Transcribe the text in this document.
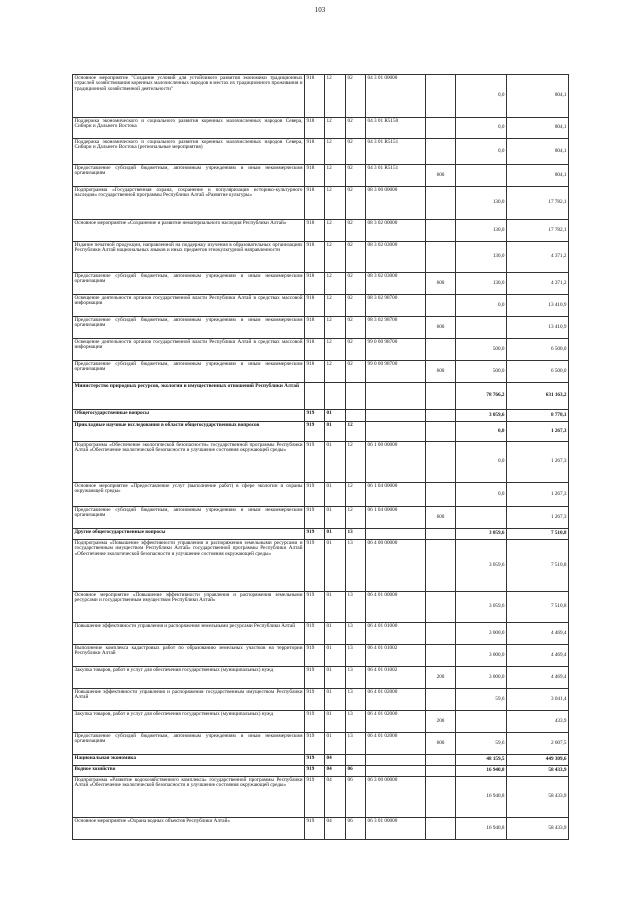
103
Основное мероприятие "Создание условий для устойчивого развития экономики традиционных отраслей хозяйствования коренных малочисленных народов в местах их традиционного проживания и традиционной хозяйственной деятельности"	918	12	02	04 3 01 00000		0,0	804,1
Поддержка экономического и социального развития коренных малочисленных народов Севера, Сибири и Дальнего Востока	918	12	02	04 3 01 R5150		0,0	804,1
Поддержка экономического и социального развития коренных малочисленных народов Севера, Сибири и Дальнего Востока (региональные мероприятия)	918	12	02	04 3 01 R5151		0,0	804,1
Предоставление субсидий бюджетным, автономным учреждениям и иным некоммерческим организациям	918	12	02	04 3 01 R5151	600		804,1
Подпрограмма «Государственная охрана, сохранение и популяризация историко-культурного наследия» государственной программы Республики Алтай «Развитие культуры»	918	12	02	08 3 00 00000		130,0	17 782,1
Основное мероприятие «Сохранение и развитие нематериального наследия Республики Алтай»	918	12	02	08 3 02 00000		130,0	17 782,1
Издание печатной продукции, направленной на поддержку изучения в образовательных организациях Республики Алтай национальных языков и иных предметов этнокультурной направленности	918	12	02	08 3 02 03000		130,0	4 371,2
Предоставление субсидий бюджетным, автономным учреждениям и иным некоммерческим организациям	918	12	02	08 3 02 03000	600	130,0	4 371,2
Освещение деятельности органов государственной власти Республики Алтай в средствах массовой информации	918	12	02	08 3 02 98700		0,0	13 410,9
Предоставление субсидий бюджетным, автономным учреждениям и иным некоммерческим организациям	918	12	02	08 3 02 98700	600		13 410,9
Освещение деятельности органов государственной власти Республики Алтай в средствах массовой информации	918	12	02	99 0 00 98700		500,0	6 500,0
Предоставление субсидий бюджетным, автономным учреждениям и иным некоммерческим организациям	918	12	02	99 0 00 98700	600	500,0	6 500,0
Министерство природных ресурсов, экологии и имущественных отношений Республики Алтай						78 766,2	631 163,2
Общегосударственные вопросы	919	01				3 059,6	8 778,1
Прикладные научные исследования в области общегосударственных вопросов	919	01	12			0,0	1 267,3
Подпрограмма «Обеспечение экологической безопасности» государственной программы Республики Алтай «Обеспечение экологической безопасности и улучшение состояния окружающей среды»	919	01	12	06 1 00 00000		0,0	1 267,3
Основное мероприятие «Предоставление услуг (выполнение работ) в сфере экологии и охраны окружающей среды»	919	01	12	06 1 04 00000		0,0	1 267,3
Предоставление субсидий бюджетным, автономным учреждениям и иным некоммерческим организациям	919	01	12	06 1 04 00000	600		1 267,3
Другие общегосударственные вопросы	919	01	13			3 059,6	7 510,8
Подпрограмма «Повышение эффективности управления и распоряжения земельными ресурсами и государственным имуществом Республики Алтай» государственной программы Республики Алтай «Обеспечение экологической безопасности и улучшение состояния окружающей среды»	919	01	13	06 4 00 00000		3 059,6	7 510,8
Основное мероприятие «Повышение эффективности управления и распоряжения земельными ресурсами и государственным имуществом Республики Алтай»	919	01	13	06 4 01 00000		3 059,6	7 510,8
Повышение эффективности управления и распоряжения земельными ресурсами Республики Алтай	919	01	13	06 4 01 01000		3 000,0	4 469,4
Выполнение комплекса кадастровых работ по образованию земельных участков на территории Республики Алтай	919	01	13	06 4 01 01002		3 000,0	4 469,4
Закупка товаров, работ и услуг для обеспечения государственных (муниципальных) нужд	919	01	13	06 4 01 01002	200	3 000,0	4 469,4
Повышение эффективности управления и распоряжения государственным имуществом Республики Алтай	919	01	13	06 4 01 02000		59,6	3 041,4
Закупка товаров, работ и услуг для обеспечения государственных (муниципальных) нужд	919	01	13	06 4 01 02000	200		433,9
Предоставление субсидий бюджетным, автономным учреждениям и иным некоммерческим организациям	919	01	13	06 4 01 02000	600	59,6	2 607,5
Национальная экономика	919	04				48 159,5	449 309,6
Водное хозяйство	919	04	06			16 940,8	58 433,9
Подпрограмма «Развитие водохозяйственного комплекса» государственной программы Республики Алтай «Обеспечение экологической безопасности и улучшение состояния окружающей среды»	919	04	06	06 3 00 00000		16 940,8	58 433,9
Основное мероприятие «Охрана водных объектов Республики Алтай»	919	04	06	06 3 01 00000		16 940,8	58 433,9
